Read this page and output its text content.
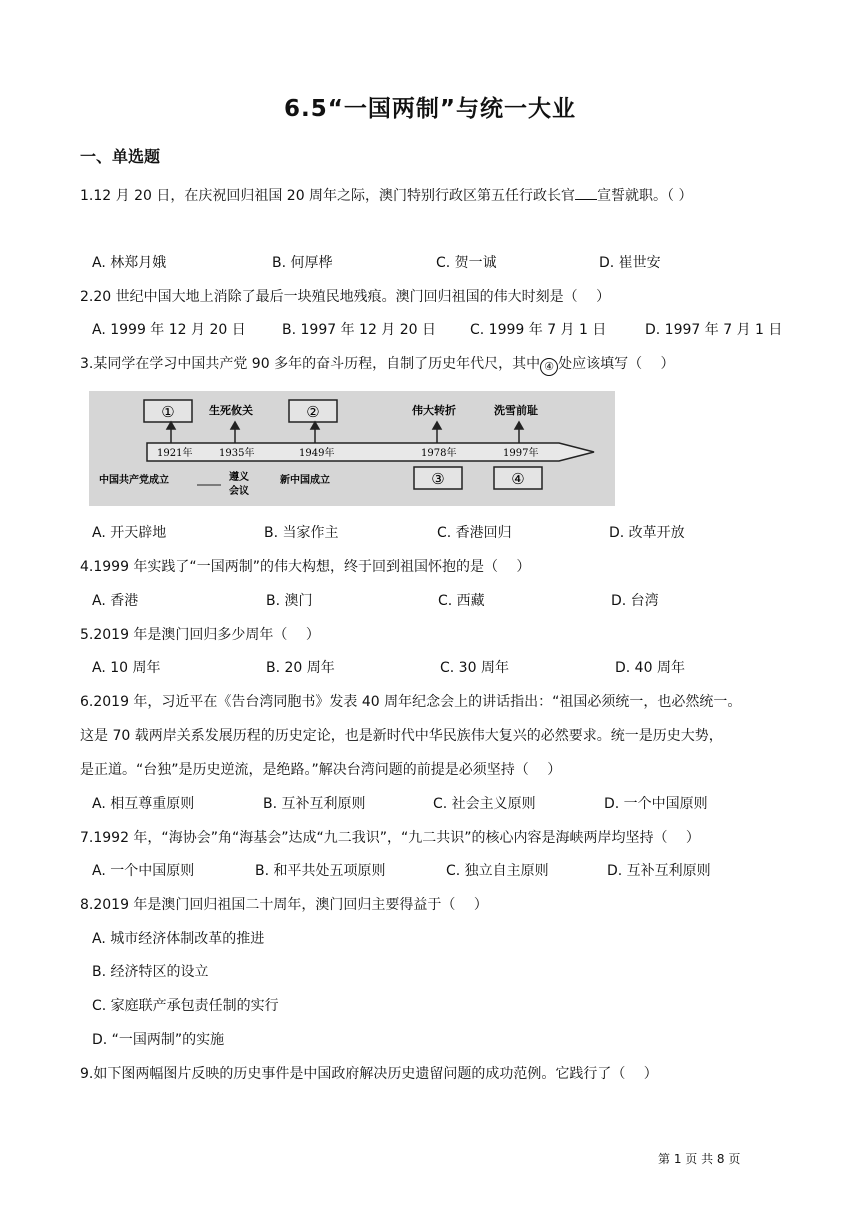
6.5“一国两制”与统一大业
一、单选题
1.12 月 20 日，在庆祝回归祖国 20 周年之际，澳门特别行政区第五任行政长官 宣誓就职。（ ）
A. 林郑月娥	B. 何厚桦	C. 贺一诚	D. 崔世安
2.20 世纪中国大地上消除了最后一块殖民地残痕。澳门回归祖国的伟大时刻是（　 ）
A. 1999 年 12 月 20 日	B. 1997 年 12 月 20 日 C. 1999 年 7 月 1 日	D. 1997 年 7 月 1 日
3.某同学在学习中国共产党 90 多年的奋斗历程，自制了历史年代尺，其中 ④ 处应该填写（　 ）
①	②
生死攸关	伟大转折	洗雪前耻
1921年	1935年	1949年	1978年	1997年
③	④
中国共产党成立	遵义
会议
新中国成立
A. 开天辟地	B. 当家作主	C. 香港回归	D. 改革开放
4.1999 年实践了“一国两制”的伟大构想，终于回到祖国怀抱的是（　 ）
A. 香港	B. 澳门	C. 西藏	D. 台湾
5.2019 年是澳门回归多少周年（　 ）
A. 10 周年	B. 20 周年	C. 30 周年	D. 40 周年
6.2019 年，习近平在《告台湾同胞书》发表 40 周年纪念会上的讲话指出：“祖国必须统一，也必然统一。
这是 70 载两岸关系发展历程的历史定论，也是新时代中华民族伟大复兴的必然要求。统一是历史大势，
是正道。“台独”是历史逆流，是绝路。”解决台湾问题的前提是必须坚持（　 ）
A. 相互尊重原则	B. 互补互利原则	C. 社会主义原则	D. 一个中国原则
7.1992 年，“海协会”角“海基会”达成“九二我识”，“九二共识”的核心内容是海峡两岸均坚持（　 ）
A. 一个中国原则	B. 和平共处五项原则	C. 独立自主原则	D. 互补互利原则
8.2019 年是澳门回归祖国二十周年，澳门回归主要得益于（　 ）
A. 城市经济体制改革的推进
B. 经济特区的设立
C. 家庭联产承包责任制的实行
D. “一国两制”的实施
9.如下图两幅图片反映的历史事件是中国政府解决历史遗留问题的成功范例。它践行了（　 ）
第 1 页 共 8 页
